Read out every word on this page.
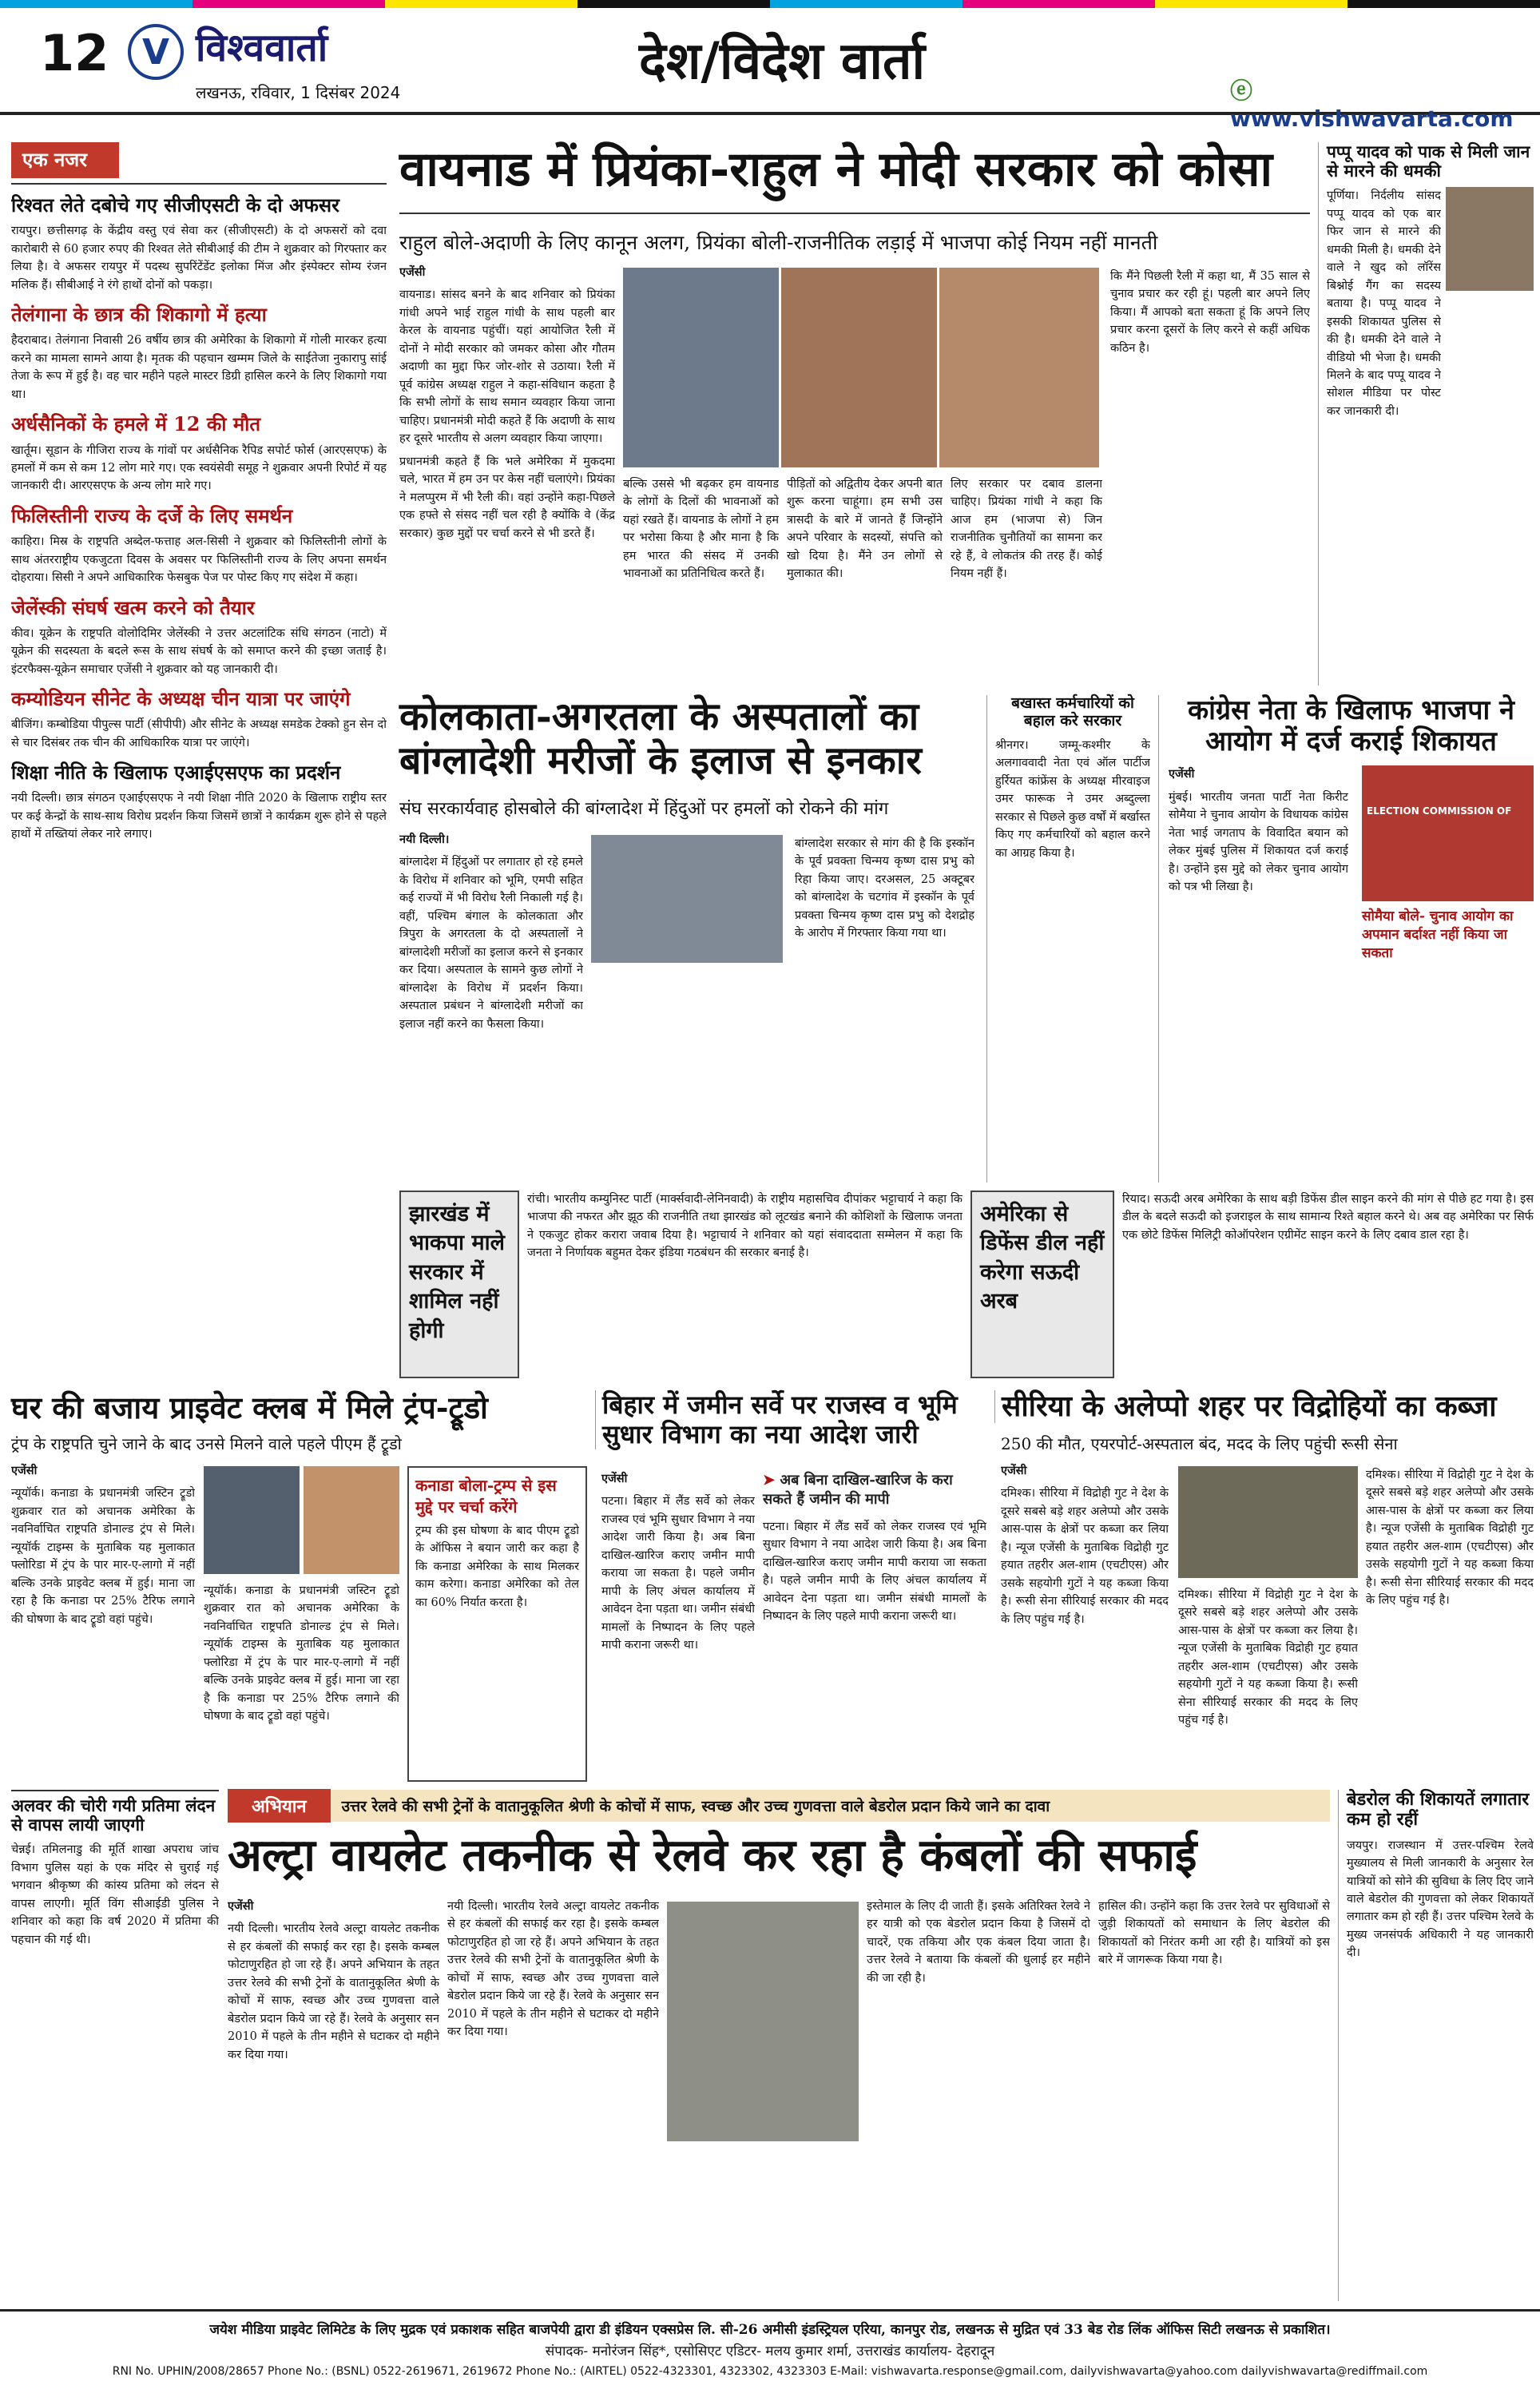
12 V विश्ववार्ता
लखनऊ, रविवार, 1 दिसंबर 2024
देश/विदेश वार्ता	ⓔ www.vishwavarta.com
एक नजर
रिश्वत लेते दबोचे गए सीजीएसटी के दो अफसर

रायपुर। छत्तीसगढ़ के केंद्रीय वस्तु एवं सेवा कर (सीजीएसटी) के दो अफसरों को दवा कारोबारी से 60 हजार रुपए की रिश्वत लेते सीबीआई की टीम ने शुक्रवार को गिरफ्तार कर लिया है। वे अफसर रायपुर में पदस्थ सुपरिंटेंडेंट इलोका मिंज और इंस्पेक्टर सोम्य रंजन मलिक हैं। सीबीआई ने रंगे हाथों दोनों को पकड़ा।

तेलंगाना के छात्र की शिकागो में हत्या

हैदराबाद। तेलंगाना निवासी 26 वर्षीय छात्र की अमेरिका के शिकागो में गोली मारकर हत्या करने का मामला सामने आया है। मृतक की पहचान खम्मम जिले के साईतेजा नुकारापु सांई तेजा के रूप में हुई है। वह चार महीने पहले मास्टर डिग्री हासिल करने के लिए शिकागो गया था।

अर्धसैनिकों के हमले में 12 की मौत

खार्तूम। सूडान के गीजिरा राज्य के गांवों पर अर्धसैनिक रैपिड सपोर्ट फोर्स (आरएसएफ) के हमलों में कम से कम 12 लोग मारे गए। एक स्वयंसेवी समूह ने शुक्रवार अपनी रिपोर्ट में यह जानकारी दी। आरएसएफ के अन्य लोग मारे गए।

फिलिस्तीनी राज्य के दर्जे के लिए समर्थन

काहिरा। मिस्र के राष्ट्रपति अब्देल-फत्ताह अल-सिसी ने शुक्रवार को फिलिस्तीनी लोगों के साथ अंतरराष्ट्रीय एकजुटता दिवस के अवसर पर फिलिस्तीनी राज्य के लिए अपना समर्थन दोहराया। सिसी ने अपने आधिकारिक फेसबुक पेज पर पोस्ट किए गए संदेश में कहा।

जेलेंस्की संघर्ष खत्म करने को तैयार

कीव। यूक्रेन के राष्ट्रपति वोलोदिमिर जेलेंस्की ने उत्तर अटलांटिक संधि संगठन (नाटो) में यूक्रेन की सदस्यता के बदले रूस के साथ संघर्ष के को समाप्त करने की इच्छा जताई है। इंटरफैक्स-यूक्रेन समाचार एजेंसी ने शुक्रवार को यह जानकारी दी।

कम्योडियन सीनेट के अध्यक्ष चीन यात्रा पर जाएंगे

बीजिंग। कम्बोडिया पीपुल्स पार्टी (सीपीपी) और सीनेट के अध्यक्ष समडेक टेक्को हुन सेन दो से चार दिसंबर तक चीन की आधिकारिक यात्रा पर जाएंगे।

शिक्षा नीति के खिलाफ एआईएसएफ का प्रदर्शन

नयी दिल्ली। छात्र संगठन एआईएसएफ ने नयी शिक्षा नीति 2020 के खिलाफ राष्ट्रीय स्तर पर कई केन्द्रों के साथ-साथ विरोध प्रदर्शन किया जिसमें छात्रों ने कार्यक्रम शुरू होने से पहले हाथों में तख्तियां लेकर नारे लगाए।

वायनाड में प्रियंका-राहुल ने मोदी सरकार को कोसा
राहुल बोले-अदाणी के लिए कानून अलग, प्रियंका बोली-राजनीतिक लड़ाई में भाजपा कोई नियम नहीं मानती

एजेंसी

वायनाड। सांसद बनने के बाद शनिवार को प्रियंका गांधी अपने भाई राहुल गांधी के साथ पहली बार केरल के वायनाड पहुंचीं। यहां आयोजित रैली में दोनों ने मोदी सरकार को जमकर कोसा और गौतम अदाणी का मुद्दा फिर जोर-शोर से उठाया। रैली में पूर्व कांग्रेस अध्यक्ष राहुल ने कहा-संविधान कहता है कि सभी लोगों के साथ समान व्यवहार किया जाना चाहिए। प्रधानमंत्री मोदी कहते हैं कि अदाणी के साथ हर दूसरे भारतीय से अलग व्यवहार किया जाएगा।

प्रधानमंत्री कहते हैं कि भले अमेरिका में मुकदमा चले, भारत में हम उन पर केस नहीं चलाएंगे। प्रियंका ने मलप्पुरम में भी रैली की। वहां उन्होंने कहा-पिछले एक हफ्ते से संसद नहीं चल रही है क्योंकि वे (केंद्र सरकार) कुछ मुद्दों पर चर्चा करने से भी डरते हैं।

बल्कि उससे भी बढ़कर हम वायनाड के लोगों के दिलों की भावनाओं को यहां रखते हैं। वायनाड के लोगों ने हम पर भरोसा किया है और माना है कि हम भारत की संसद में उनकी भावनाओं का प्रतिनिधित्व करते हैं।

पीड़ितों को अद्वितीय देकर अपनी बात शुरू करना चाहूंगा। हम सभी उस त्रासदी के बारे में जानते हैं जिन्होंने अपने परिवार के सदस्यों, संपत्ति को खो दिया है। मैंने उन लोगों से मुलाकात की।

लिए सरकार पर दबाव डालना चाहिए। प्रियंका गांधी ने कहा कि आज हम (भाजपा से) जिन राजनीतिक चुनौतियों का सामना कर रहे हैं, वे लोकतंत्र की तरह हैं। कोई नियम नहीं हैं।

कि मैंने पिछली रैली में कहा था, मैं 35 साल से चुनाव प्रचार कर रही हूं। पहली बार अपने लिए किया। मैं आपको बता सकता हूं कि अपने लिए प्रचार करना दूसरों के लिए करने से कहीं अधिक कठिन है।

पप्पू यादव को पाक से मिली जान से मारने की धमकी
पूर्णिया। निर्दलीय सांसद पप्पू यादव को एक बार फिर जान से मारने की धमकी मिली है। धमकी देने वाले ने खुद को लॉरेंस बिश्नोई गैंग का सदस्य बताया है। पप्पू यादव ने इसकी शिकायत पुलिस से की है। धमकी देने वाले ने वीडियो भी भेजा है। धमकी मिलने के बाद पप्पू यादव ने सोशल मीडिया पर पोस्ट कर जानकारी दी।
कोलकाता-अगरतला के अस्पतालों का बांग्लादेशी मरीजों के इलाज से इनकार
संघ सरकार्यवाह होसबोले की बांग्लादेश में हिंदुओं पर हमलों को रोकने की मांग

नयी दिल्ली।

बांग्लादेश में हिंदुओं पर लगातार हो रहे हमले के विरोध में शनिवार को भूमि, एमपी सहित कई राज्यों में भी विरोध रैली निकाली गई है। वहीं, पश्चिम बंगाल के कोलकाता और त्रिपुरा के अगरतला के दो अस्पतालों ने बांग्लादेशी मरीजों का इलाज करने से इनकार कर दिया। अस्पताल के सामने कुछ लोगों ने बांग्लादेश के विरोध में प्रदर्शन किया। अस्पताल प्रबंधन ने बांग्लादेशी मरीजों का इलाज नहीं करने का फैसला किया।

बांग्लादेश सरकार से मांग की है कि इस्कॉन के पूर्व प्रवक्ता चिन्मय कृष्ण दास प्रभु को रिहा किया जाए। दरअसल, 25 अक्टूबर को बांग्लादेश के चटगांव में इस्कॉन के पूर्व प्रवक्ता चिन्मय कृष्ण दास प्रभु को देशद्रोह के आरोप में गिरफ्तार किया गया था।

बखास्त कर्मचारियों को बहाल करे सरकार
श्रीनगर। जम्मू-कश्मीर के अलगाववादी नेता एवं ऑल पार्टीज हुर्रियत कांफ्रेंस के अध्यक्ष मीरवाइज उमर फारूक ने उमर अब्दुल्ला सरकार से पिछले कुछ वर्षों में बर्खास्त किए गए कर्मचारियों को बहाल करने का आग्रह किया है।
कांग्रेस नेता के खिलाफ भाजपा ने आयोग में दर्ज कराई शिकायत

एजेंसी

मुंबई। भारतीय जनता पार्टी नेता किरीट सोमैया ने चुनाव आयोग के विधायक कांग्रेस नेता भाई जगताप के विवादित बयान को लेकर मुंबई पुलिस में शिकायत दर्ज कराई है। उन्होंने इस मुद्दे को लेकर चुनाव आयोग को पत्र भी लिखा है।

ELECTION COMMISSION OF
सोमैया बोले- चुनाव आयोग का अपमान बर्दाश्त नहीं किया जा सकता
झारखंड में भाकपा माले सरकार में शामिल नहीं होगी
रांची। भारतीय कम्युनिस्ट पार्टी (मार्क्सवादी-लेनिनवादी) के राष्ट्रीय महासचिव दीपांकर भट्टाचार्य ने कहा कि भाजपा की नफरत और झूठ की राजनीति तथा झारखंड को लूटखंड बनाने की कोशिशों के खिलाफ जनता ने एकजुट होकर करारा जवाब दिया है। भट्टाचार्य ने शनिवार को यहां संवाददाता सम्मेलन में कहा कि जनता ने निर्णायक बहुमत देकर इंडिया गठबंधन की सरकार बनाई है।
अमेरिका से डिफेंस डील नहीं करेगा सऊदी अरब
रियाद। सऊदी अरब अमेरिका के साथ बड़ी डिफेंस डील साइन करने की मांग से पीछे हट गया है। इस डील के बदले सऊदी को इजराइल के साथ सामान्य रिश्ते बहाल करने थे। अब वह अमेरिका पर सिर्फ एक छोटे डिफेंस मिलिट्री कोऑपरेशन एग्रीमेंट साइन करने के लिए दबाव डाल रहा है।
घर की बजाय प्राइवेट क्लब में मिले ट्रंप-ट्रूडो
ट्रंप के राष्ट्रपति चुने जाने के बाद उनसे मिलने वाले पहले पीएम हैं ट्रूडो

एजेंसी

न्यूयॉर्क। कनाडा के प्रधानमंत्री जस्टिन ट्रूडो शुक्रवार रात को अचानक अमेरिका के नवनिर्वाचित राष्ट्रपति डोनाल्ड ट्रंप से मिले। न्यूयॉर्क टाइम्स के मुताबिक यह मुलाकात फ्लोरिडा में ट्रंप के पार मार-ए-लागो में नहीं बल्कि उनके प्राइवेट क्लब में हुई। माना जा रहा है कि कनाडा पर 25% टैरिफ लगाने की घोषणा के बाद ट्रूडो वहां पहुंचे।

न्यूयॉर्क। कनाडा के प्रधानमंत्री जस्टिन ट्रूडो शुक्रवार रात को अचानक अमेरिका के नवनिर्वाचित राष्ट्रपति डोनाल्ड ट्रंप से मिले। न्यूयॉर्क टाइम्स के मुताबिक यह मुलाकात फ्लोरिडा में ट्रंप के पार मार-ए-लागो में नहीं बल्कि उनके प्राइवेट क्लब में हुई। माना जा रहा है कि कनाडा पर 25% टैरिफ लगाने की घोषणा के बाद ट्रूडो वहां पहुंचे।

कनाडा बोला-ट्रम्प से इस मुद्दे पर चर्चा करेंगे
ट्रम्प की इस घोषणा के बाद पीएम ट्रूडो के ऑफिस ने बयान जारी कर कहा है कि कनाडा अमेरिका के साथ मिलकर काम करेगा। कनाडा अमेरिका को तेल का 60% निर्यात करता है।
बिहार में जमीन सर्वे पर राजस्व व भूमि सुधार विभाग का नया आदेश जारी

एजेंसी

पटना। बिहार में लैंड सर्वे को लेकर राजस्व एवं भूमि सुधार विभाग ने नया आदेश जारी किया है। अब बिना दाखिल-खारिज कराए जमीन मापी कराया जा सकता है। पहले जमीन मापी के लिए अंचल कार्यालय में आवेदन देना पड़ता था। जमीन संबंधी मामलों के निष्पादन के लिए पहले मापी कराना जरूरी था।

➤ अब बिना दाखिल-खारिज के करा सकते हैं जमीन की मापी

पटना। बिहार में लैंड सर्वे को लेकर राजस्व एवं भूमि सुधार विभाग ने नया आदेश जारी किया है। अब बिना दाखिल-खारिज कराए जमीन मापी कराया जा सकता है। पहले जमीन मापी के लिए अंचल कार्यालय में आवेदन देना पड़ता था। जमीन संबंधी मामलों के निष्पादन के लिए पहले मापी कराना जरूरी था।

सीरिया के अलेप्पो शहर पर विद्रोहियों का कब्जा
250 की मौत, एयरपोर्ट-अस्पताल बंद, मदद के लिए पहुंची रूसी सेना

एजेंसी

दमिश्क। सीरिया में विद्रोही गुट ने देश के दूसरे सबसे बड़े शहर अलेप्पो और उसके आस-पास के क्षेत्रों पर कब्जा कर लिया है। न्यूज एजेंसी के मुताबिक विद्रोही गुट हयात तहरीर अल-शाम (एचटीएस) और उसके सहयोगी गुटों ने यह कब्जा किया है। रूसी सेना सीरियाई सरकार की मदद के लिए पहुंच गई है।

दमिश्क। सीरिया में विद्रोही गुट ने देश के दूसरे सबसे बड़े शहर अलेप्पो और उसके आस-पास के क्षेत्रों पर कब्जा कर लिया है। न्यूज एजेंसी के मुताबिक विद्रोही गुट हयात तहरीर अल-शाम (एचटीएस) और उसके सहयोगी गुटों ने यह कब्जा किया है। रूसी सेना सीरियाई सरकार की मदद के लिए पहुंच गई है।

दमिश्क। सीरिया में विद्रोही गुट ने देश के दूसरे सबसे बड़े शहर अलेप्पो और उसके आस-पास के क्षेत्रों पर कब्जा कर लिया है। न्यूज एजेंसी के मुताबिक विद्रोही गुट हयात तहरीर अल-शाम (एचटीएस) और उसके सहयोगी गुटों ने यह कब्जा किया है। रूसी सेना सीरियाई सरकार की मदद के लिए पहुंच गई है।

अलवर की चोरी गयी प्रतिमा लंदन से वापस लायी जाएगी
चेन्नई। तमिलनाडु की मूर्ति शाखा अपराध जांच विभाग पुलिस यहां के एक मंदिर से चुराई गई भगवान श्रीकृष्ण की कांस्य प्रतिमा को लंदन से वापस लाएगी। मूर्ति विंग सीआईडी पुलिस ने शनिवार को कहा कि वर्ष 2020 में प्रतिमा की पहचान की गई थी।
अभियान	उत्तर रेलवे की सभी ट्रेनों के वातानुकूलित श्रेणी के कोचों में साफ, स्वच्छ और उच्च गुणवत्ता वाले बेडरोल प्रदान किये जाने का दावा
अल्ट्रा वायलेट तकनीक से रेलवे कर रहा है कंबलों की सफाई

एजेंसी

नयी दिल्ली। भारतीय रेलवे अल्ट्रा वायलेट तकनीक से हर कंबलों की सफाई कर रहा है। इसके कम्बल फोटाणुरहित हो जा रहे हैं। अपने अभियान के तहत उत्तर रेलवे की सभी ट्रेनों के वातानुकूलित श्रेणी के कोचों में साफ, स्वच्छ और उच्च गुणवत्ता वाले बेडरोल प्रदान किये जा रहे हैं। रेलवे के अनुसार सन 2010 में पहले के तीन महीने से घटाकर दो महीने कर दिया गया।

नयी दिल्ली। भारतीय रेलवे अल्ट्रा वायलेट तकनीक से हर कंबलों की सफाई कर रहा है। इसके कम्बल फोटाणुरहित हो जा रहे हैं। अपने अभियान के तहत उत्तर रेलवे की सभी ट्रेनों के वातानुकूलित श्रेणी के कोचों में साफ, स्वच्छ और उच्च गुणवत्ता वाले बेडरोल प्रदान किये जा रहे हैं। रेलवे के अनुसार सन 2010 में पहले के तीन महीने से घटाकर दो महीने कर दिया गया।

इस्तेमाल के लिए दी जाती हैं। इसके अतिरिक्त रेलवे ने हर यात्री को एक बेडरोल प्रदान किया है जिसमें दो चादरें, एक तकिया और एक कंबल दिया जाता है। उत्तर रेलवे ने बताया कि कंबलों की धुलाई हर महीने की जा रही है।

हासिल की। उन्होंने कहा कि उत्तर रेलवे पर सुविधाओं से जुड़ी शिकायतों को समाधान के लिए बेडरोल की शिकायतों को निरंतर कमी आ रही है। यात्रियों को इस बारे में जागरूक किया गया है।

बेडरोल की शिकायतें लगातार कम हो रहीं
जयपुर। राजस्थान में उत्तर-पश्चिम रेलवे मुख्यालय से मिली जानकारी के अनुसार रेल यात्रियों को सोने की सुविधा के लिए दिए जाने वाले बेडरोल की गुणवत्ता को लेकर शिकायतें लगातार कम हो रही हैं। उत्तर पश्चिम रेलवे के मुख्य जनसंपर्क अधिकारी ने यह जानकारी दी।
जयेश मीडिया प्राइवेट लिमिटेड के लिए मुद्रक एवं प्रकाशक सहित बाजपेयी द्वारा डी इंडियन एक्सप्रेस लि. सी-26 अमीसी इंडस्ट्रियल एरिया, कानपुर रोड, लखनऊ से मुद्रित एवं 33 बेड रोड लिंक ऑफिस सिटी लखनऊ से प्रकाशित।
संपादक- मनोरंजन सिंह*, एसोसिएट एडिटर- मलय कुमार शर्मा, उत्तराखंड कार्यालय- देहरादून
RNI No. UPHIN/2008/28657 Phone No.: (BSNL) 0522-2619671, 2619672 Phone No.: (AIRTEL) 0522-4323301, 4323302, 4323303 E-Mail: vishwavarta.response@gmail.com, dailyvishwavarta@yahoo.com dailyvishwavarta@rediffmail.com
